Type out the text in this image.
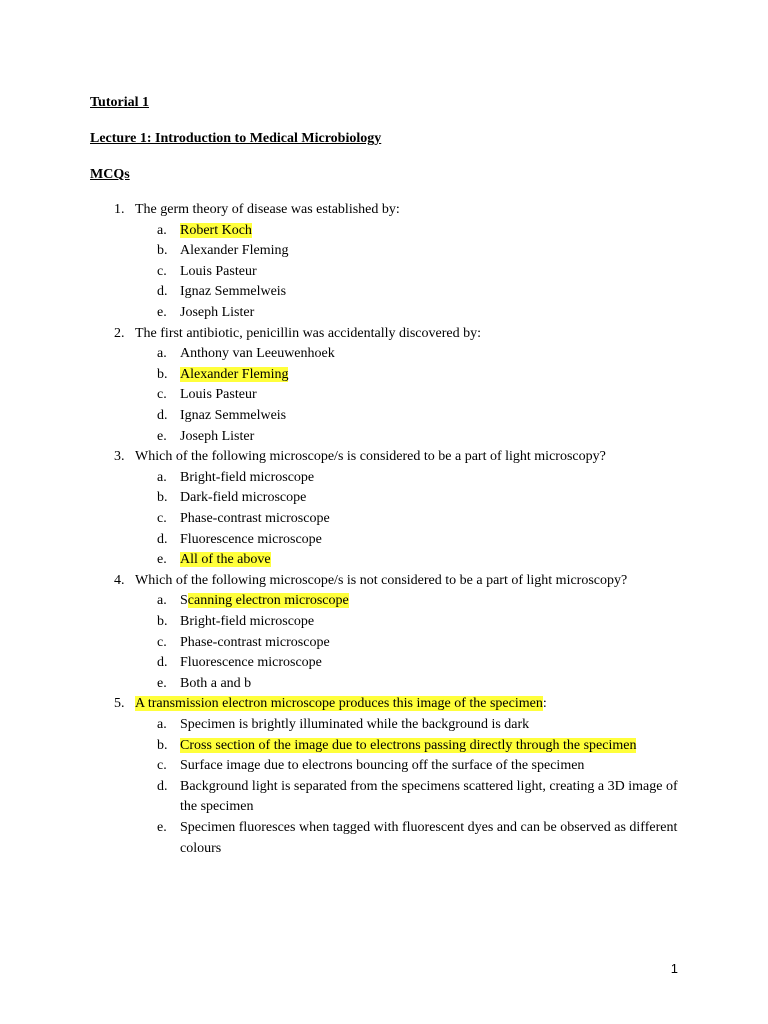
Tutorial 1

Lecture 1: Introduction to Medical Microbiology

MCQs

1. The germ theory of disease was established by:
a. Robert Koch
b. Alexander Fleming
c. Louis Pasteur
d. Ignaz Semmelweis
e. Joseph Lister
2. The first antibiotic, penicillin was accidentally discovered by:
a. Anthony van Leeuwenhoek
b. Alexander Fleming
c. Louis Pasteur
d. Ignaz Semmelweis
e. Joseph Lister
3. Which of the following microscope/s is considered to be a part of light microscopy?
a. Bright-field microscope
b. Dark-field microscope
c. Phase-contrast microscope
d. Fluorescence microscope
e. All of the above
4. Which of the following microscope/s is not considered to be a part of light microscopy?
a. Scanning electron microscope
b. Bright-field microscope
c. Phase-contrast microscope
d. Fluorescence microscope
e. Both a and b
5. A transmission electron microscope produces this image of the specimen:
a. Specimen is brightly illuminated while the background is dark
b. Cross section of the image due to electrons passing directly through the specimen
c. Surface image due to electrons bouncing off the surface of the specimen
d. Background light is separated from the specimens scattered light, creating a 3D image of the specimen
e. Specimen fluoresces when tagged with fluorescent dyes and can be observed as different colours
1
